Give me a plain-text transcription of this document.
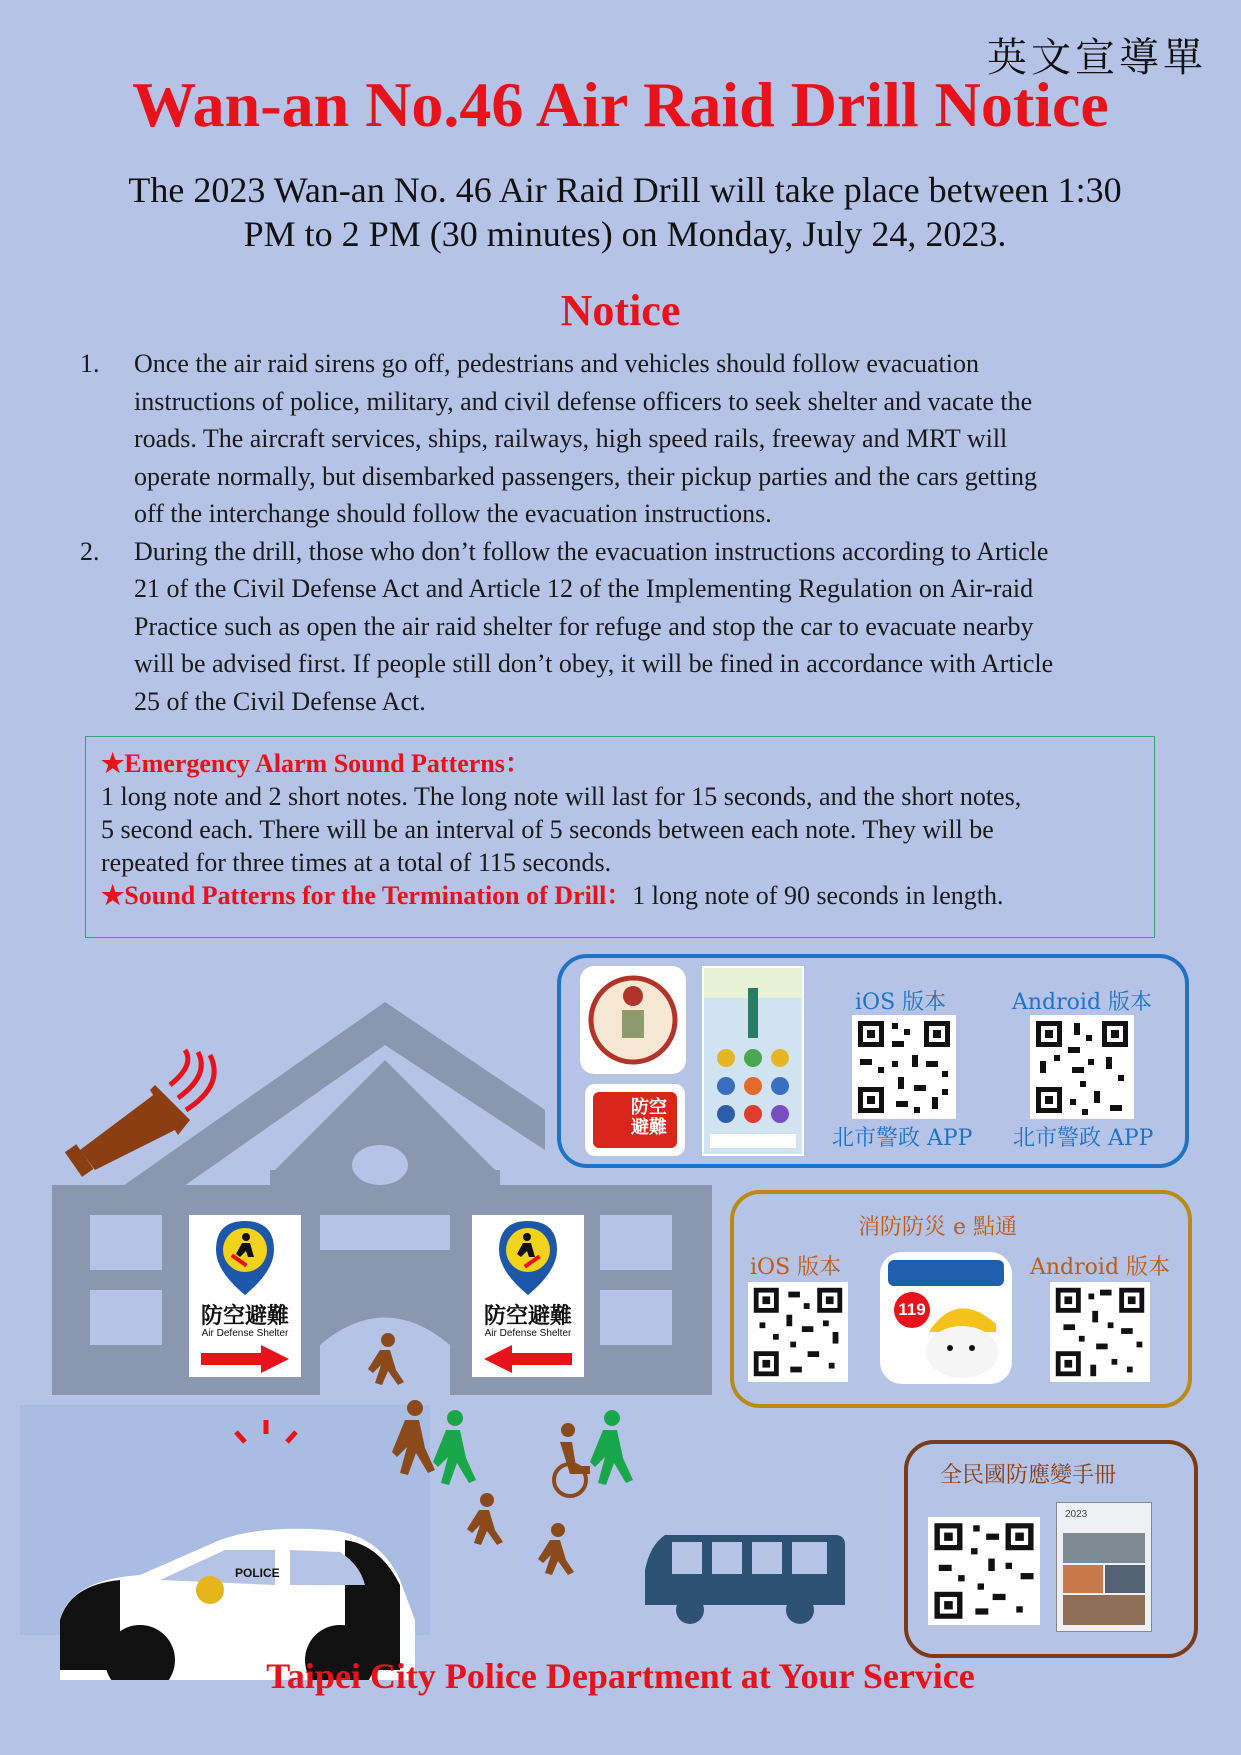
英文宣導單
Wan-an No.46 Air Raid Drill Notice
The 2023 Wan-an No. 46 Air Raid Drill will take place between 1:30
PM to 2 PM (30 minutes) on Monday, July 24, 2023.
Notice
1. Once the air raid sirens go off, pedestrians and vehicles should follow evacuation
instructions of police, military, and civil defense officers to seek shelter and vacate the
roads. The aircraft services, ships, railways, high speed rails, freeway and MRT will
operate normally, but disembarked passengers, their pickup parties and the cars getting
off the interchange should follow the evacuation instructions.
2. During the drill, those who don’t follow the evacuation instructions according to Article
21 of the Civil Defense Act and Article 12 of the Implementing Regulation on Air-raid
Practice such as open the air raid shelter for refuge and stop the car to evacuate nearby
will be advised first. If people still don’t obey, it will be fined in accordance with Article
25 of the Civil Defense Act.
★Emergency Alarm Sound Patterns：
1 long note and 2 short notes. The long note will last for 15 seconds, and the short notes,
5 second each. There will be an interval of 5 seconds between each note. They will be
repeated for three times at a total of 115 seconds.
★Sound Patterns for the Termination of Drill：1 long note of 90 seconds in length.
POLICE
防空避難
Air Defense Shelter
防空避難
Air Defense Shelter
防空避難
iOS 版本	Android 版本
北市警政 APP 北市警政 APP
消防防災 e 點通
iOS 版本	Android 版本
119
全民國防應變手冊
2023
Taipei City Police Department at Your Service
